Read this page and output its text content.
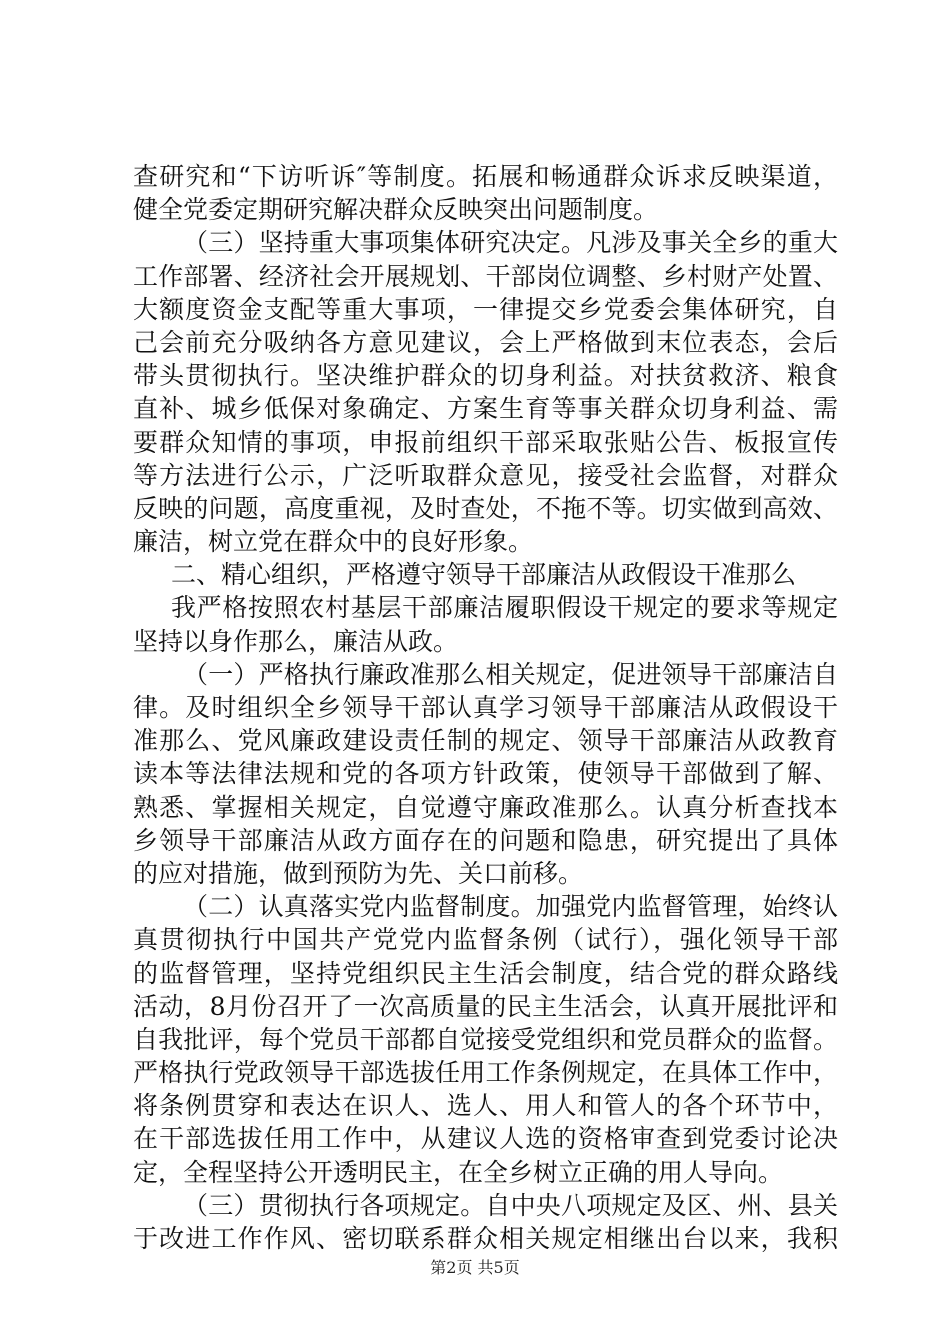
查研究和“下访听诉″等制度。拓展和畅通群众诉求反映渠道，
健全党委定期研究解决群众反映突出问题制度。
（三）坚持重大事项集体研究决定。凡涉及事关全乡的重大
工作部署、经济社会开展规划、干部岗位调整、乡村财产处置、
大额度资金支配等重大事项，一律提交乡党委会集体研究，自
己会前充分吸纳各方意见建议，会上严格做到末位表态，会后
带头贯彻执行。坚决维护群众的切身利益。对扶贫救济、粮食
直补、城乡低保对象确定、方案生育等事关群众切身利益、需
要群众知情的事项，申报前组织干部采取张贴公告、板报宣传
等方法进行公示，广泛听取群众意见，接受社会监督，对群众
反映的问题，高度重视，及时查处，不拖不等。切实做到高效、
廉洁，树立党在群众中的良好形象。
二、精心组织，严格遵守领导干部廉洁从政假设干准那么
我严格按照农村基层干部廉洁履职假设干规定的要求等规定
坚持以身作那么，廉洁从政。
（一）严格执行廉政准那么相关规定，促进领导干部廉洁自
律。及时组织全乡领导干部认真学习领导干部廉洁从政假设干
准那么、党风廉政建设责任制的规定、领导干部廉洁从政教育
读本等法律法规和党的各项方针政策，使领导干部做到了解、
熟悉、掌握相关规定，自觉遵守廉政准那么。认真分析查找本
乡领导干部廉洁从政方面存在的问题和隐患，研究提出了具体
的应对措施，做到预防为先、关口前移。
（二）认真落实党内监督制度。加强党内监督管理，始终认
真贯彻执行中国共产党党内监督条例（试行），强化领导干部
的监督管理，坚持党组织民主生活会制度，结合党的群众路线
活动，8月份召开了一次高质量的民主生活会，认真开展批评和
自我批评，每个党员干部都自觉接受党组织和党员群众的监督。
严格执行党政领导干部选拔任用工作条例规定，在具体工作中，
将条例贯穿和表达在识人、选人、用人和管人的各个环节中，
在干部选拔任用工作中，从建议人选的资格审查到党委讨论决
定，全程坚持公开透明民主，在全乡树立正确的用人导向。
（三）贯彻执行各项规定。自中央八项规定及区、州、县关
于改进工作作风、密切联系群众相关规定相继出台以来，我积
第2页 共5页
